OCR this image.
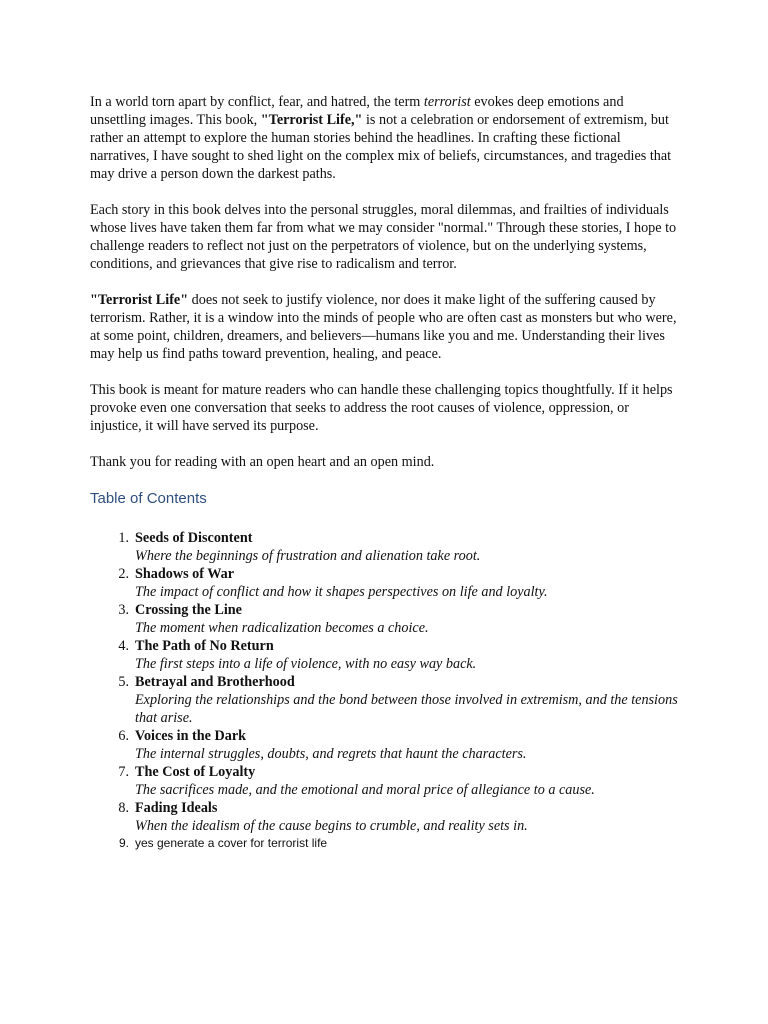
In a world torn apart by conflict, fear, and hatred, the term terrorist evokes deep emotions and unsettling images. This book, "Terrorist Life," is not a celebration or endorsement of extremism, but rather an attempt to explore the human stories behind the headlines. In crafting these fictional narratives, I have sought to shed light on the complex mix of beliefs, circumstances, and tragedies that may drive a person down the darkest paths.

Each story in this book delves into the personal struggles, moral dilemmas, and frailties of individuals whose lives have taken them far from what we may consider "normal." Through these stories, I hope to challenge readers to reflect not just on the perpetrators of violence, but on the underlying systems, conditions, and grievances that give rise to radicalism and terror.

"Terrorist Life" does not seek to justify violence, nor does it make light of the suffering caused by terrorism. Rather, it is a window into the minds of people who are often cast as monsters but who were, at some point, children, dreamers, and believers—humans like you and me. Understanding their lives may help us find paths toward prevention, healing, and peace.

This book is meant for mature readers who can handle these challenging topics thoughtfully. If it helps provoke even one conversation that seeks to address the root causes of violence, oppression, or injustice, it will have served its purpose.

Thank you for reading with an open heart and an open mind.

Table of Contents
1. Seeds of Discontent
Where the beginnings of frustration and alienation take root.
2. Shadows of War
The impact of conflict and how it shapes perspectives on life and loyalty.
3. Crossing the Line
The moment when radicalization becomes a choice.
4. The Path of No Return
The first steps into a life of violence, with no easy way back.
5. Betrayal and Brotherhood
Exploring the relationships and the bond between those involved in extremism, and the tensions that arise.
6. Voices in the Dark
The internal struggles, doubts, and regrets that haunt the characters.
7. The Cost of Loyalty
The sacrifices made, and the emotional and moral price of allegiance to a cause.
8. Fading Ideals
When the idealism of the cause begins to crumble, and reality sets in.
9. yes generate a cover for terrorist life
